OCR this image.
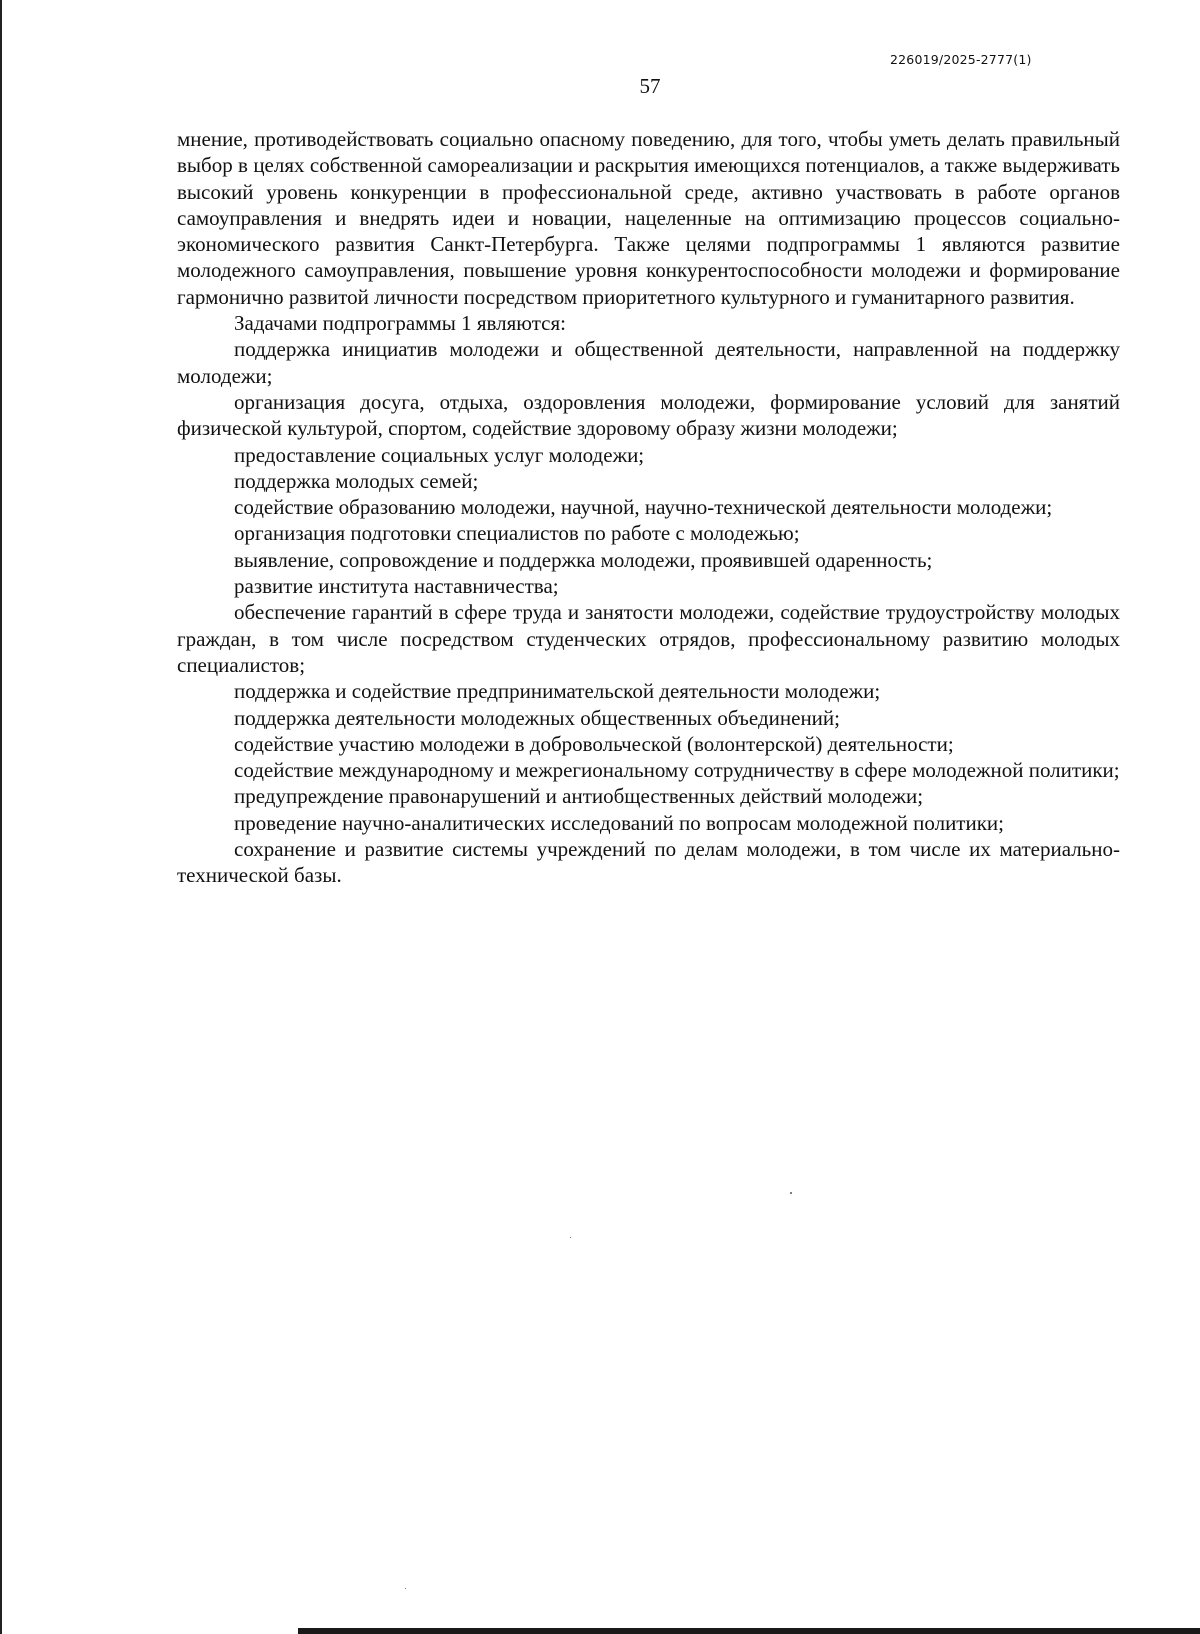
226019/2025-2777(1)
57

мнение, противодействовать социально опасному поведению, для того, чтобы уметь делать правильный выбор в целях собственной самореализации и раскрытия имеющихся потенциалов, а также выдерживать высокий уровень конкуренции в профессиональной среде, активно участвовать в работе органов самоуправления и внедрять идеи и новации, нацеленные на оптимизацию процессов социально-экономического развития Санкт-Петербурга. Также целями подпрограммы 1 являются развитие молодежного самоуправления, повышение уровня конкурентоспособности молодежи и формирование гармонично развитой личности посредством приоритетного культурного и гуманитарного развития.

Задачами подпрограммы 1 являются:

поддержка инициатив молодежи и общественной деятельности, направленной на поддержку молодежи;

организация досуга, отдыха, оздоровления молодежи, формирование условий для занятий физической культурой, спортом, содействие здоровому образу жизни молодежи;

предоставление социальных услуг молодежи;

поддержка молодых семей;

содействие образованию молодежи, научной, научно-технической деятельности молодежи;

организация подготовки специалистов по работе с молодежью;

выявление, сопровождение и поддержка молодежи, проявившей одаренность;

развитие института наставничества;

обеспечение гарантий в сфере труда и занятости молодежи, содействие трудоустройству молодых граждан, в том числе посредством студенческих отрядов, профессиональному развитию молодых специалистов;

поддержка и содействие предпринимательской деятельности молодежи;

поддержка деятельности молодежных общественных объединений;

содействие участию молодежи в добровольческой (волонтерской) деятельности;

содействие международному и межрегиональному сотрудничеству в сфере молодежной политики;

предупреждение правонарушений и антиобщественных действий молодежи;

проведение научно-аналитических исследований по вопросам молодежной политики;

сохранение и развитие системы учреждений по делам молодежи, в том числе их материально-технической базы.
